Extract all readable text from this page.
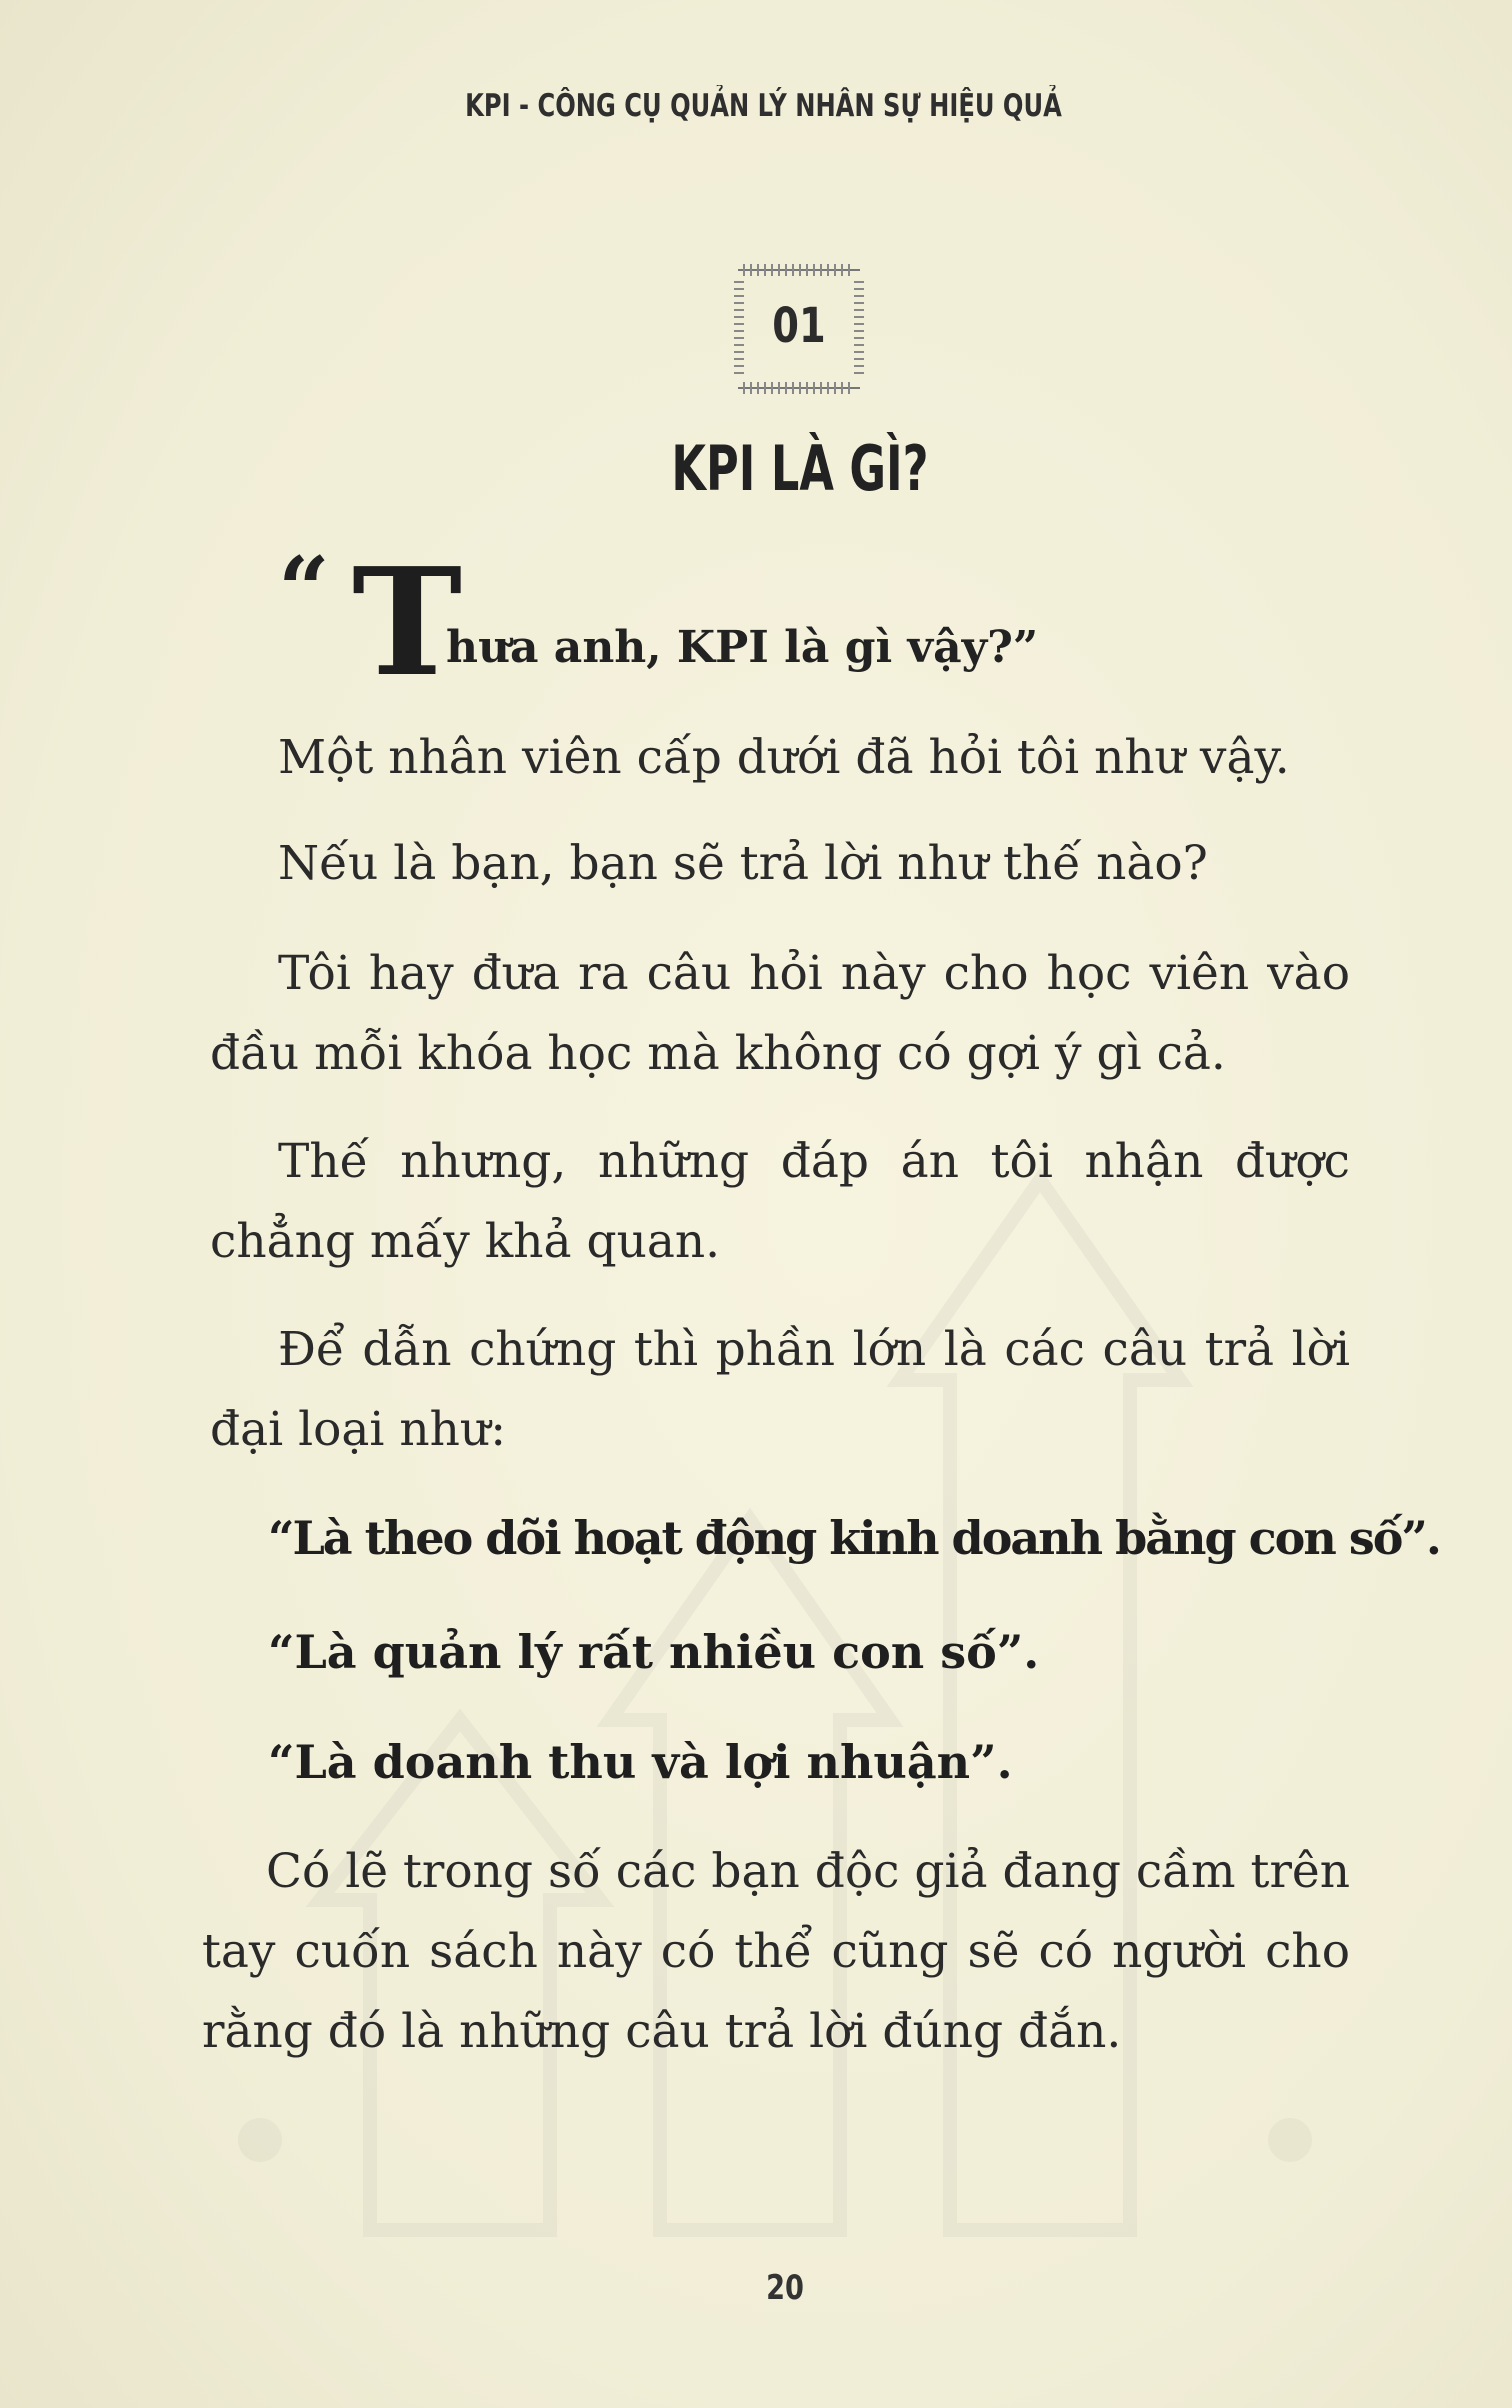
KPI - CÔNG CỤ QUẢN LÝ NHÂN SỰ HIỆU QUẢ
01
KPI LÀ GÌ?
“ T
hưa anh, KPI là gì vậy?”
Một nhân viên cấp dưới đã hỏi tôi như vậy.
Nếu là bạn, bạn sẽ trả lời như thế nào?
Tôi hay đưa ra câu hỏi này cho học viên vào
đầu mỗi khóa học mà không có gợi ý gì cả.
Thế nhưng, những đáp án tôi nhận được
chẳng mấy khả quan.
Để dẫn chứng thì phần lớn là các câu trả lời
đại loại như:
“Là theo dõi hoạt động kinh doanh bằng con số”.
“Là quản lý rất nhiều con số”.
“Là doanh thu và lợi nhuận”.
Có lẽ trong số các bạn độc giả đang cầm trên
tay cuốn sách này có thể cũng sẽ có người cho
rằng đó là những câu trả lời đúng đắn.
20
